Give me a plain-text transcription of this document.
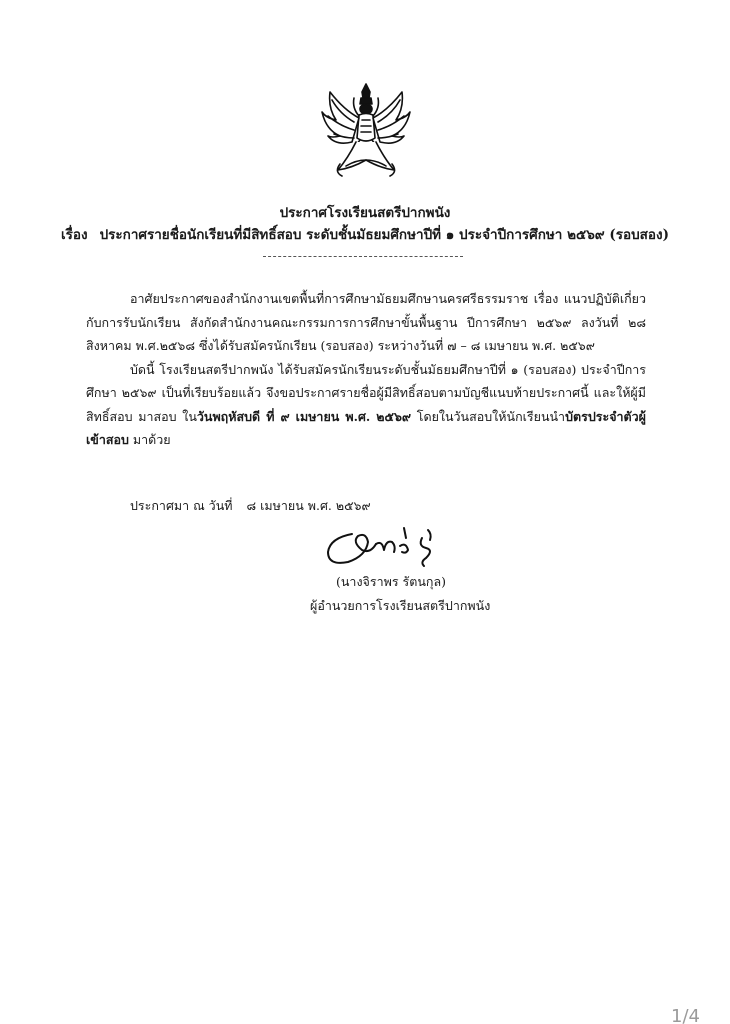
ประกาศโรงเรียนสตรีปากพนัง
เรื่อง ประกาศรายชื่อนักเรียนที่มีสิทธิ์สอบ ระดับชั้นมัธยมศึกษาปีที่ ๑ ประจำปีการศึกษา ๒๕๖๙ (รอบสอง)

อาศัยประกาศของสำนักงานเขตพื้นที่การศึกษามัธยมศึกษานครศรีธรรมราช เรื่อง แนวปฏิบัติเกี่ยวกับการรับนักเรียน สังกัดสำนักงานคณะกรรมการการศึกษาขั้นพื้นฐาน ปีการศึกษา ๒๕๖๙ ลงวันที่ ๒๘ สิงหาคม พ.ศ.๒๕๖๘ ซึ่งได้รับสมัครนักเรียน (รอบสอง) ระหว่างวันที่ ๗ – ๘ เมษายน พ.ศ. ๒๕๖๙

บัดนี้ โรงเรียนสตรีปากพนัง ได้รับสมัครนักเรียนระดับชั้นมัธยมศึกษาปีที่ ๑ (รอบสอง) ประจำปีการศึกษา ๒๕๖๙ เป็นที่เรียบร้อยแล้ว จึงขอประกาศรายชื่อผู้มีสิทธิ์สอบตามบัญชีแนบท้ายประกาศนี้ และให้ผู้มีสิทธิ์สอบ มาสอบ ในวันพฤหัสบดี ที่ ๙ เมษายน พ.ศ. ๒๕๖๙ โดยในวันสอบให้นักเรียนนำบัตรประจำตัวผู้เข้าสอบ มาด้วย

ประกาศมา ณ วันที่ ๘ เมษายน พ.ศ. ๒๕๖๙
(นางจิราพร รัตนกุล)
ผู้อำนวยการโรงเรียนสตรีปากพนัง
1/4
